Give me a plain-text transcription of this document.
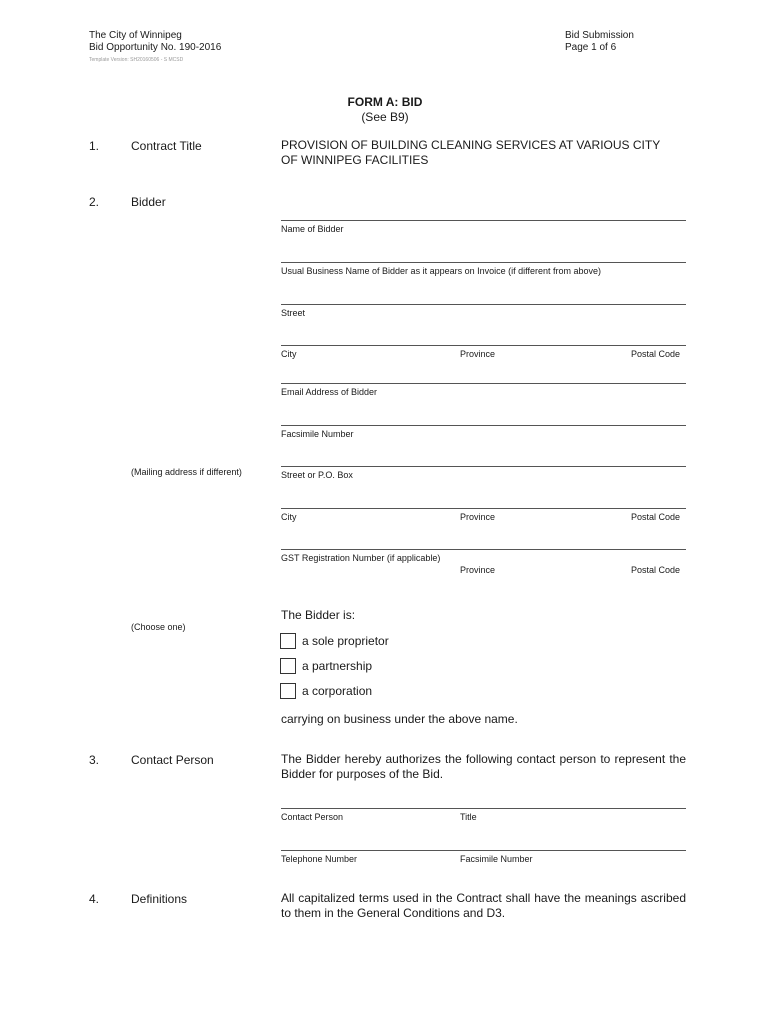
The City of Winnipeg
Bid Opportunity No. 190-2016
Template Version: SH20160506 - S MCSD
Bid Submission
Page 1 of 6
FORM A: BID
(See B9)
1.	Contract Title	PROVISION OF BUILDING CLEANING SERVICES AT VARIOUS CITY
OF WINNIPEG FACILITIES
2.	Bidder
Name of Bidder
Usual Business Name of Bidder as it appears on Invoice (if different from above)
Street
City	Province	Postal Code
Email Address of Bidder
Facsimile Number
(Mailing address if different)	Street or P.O. Box
City	Province	Postal Code
GST Registration Number (if applicable)
Province	Postal Code
The Bidder is:
(Choose one)
a sole proprietor
a partnership
a corporation
carrying on business under the above name.
3.	Contact Person	The Bidder hereby authorizes the following contact person to represent the Bidder for purposes of the Bid.
Contact Person	Title
Telephone Number	Facsimile Number
4.	Definitions	All capitalized terms used in the Contract shall have the meanings ascribed to them in the General Conditions and D3.
